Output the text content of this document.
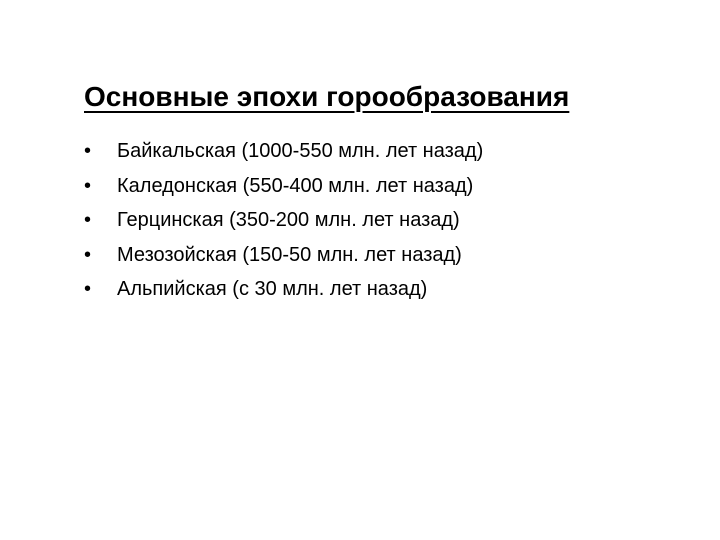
Основные эпохи горообразования
•	Байкальская (1000-550 млн. лет назад)
•	Каледонская (550-400 млн. лет назад)
•	Герцинская (350-200 млн. лет назад)
•	Мезозойская (150-50 млн. лет назад)
•	Альпийская (с 30 млн. лет назад)
